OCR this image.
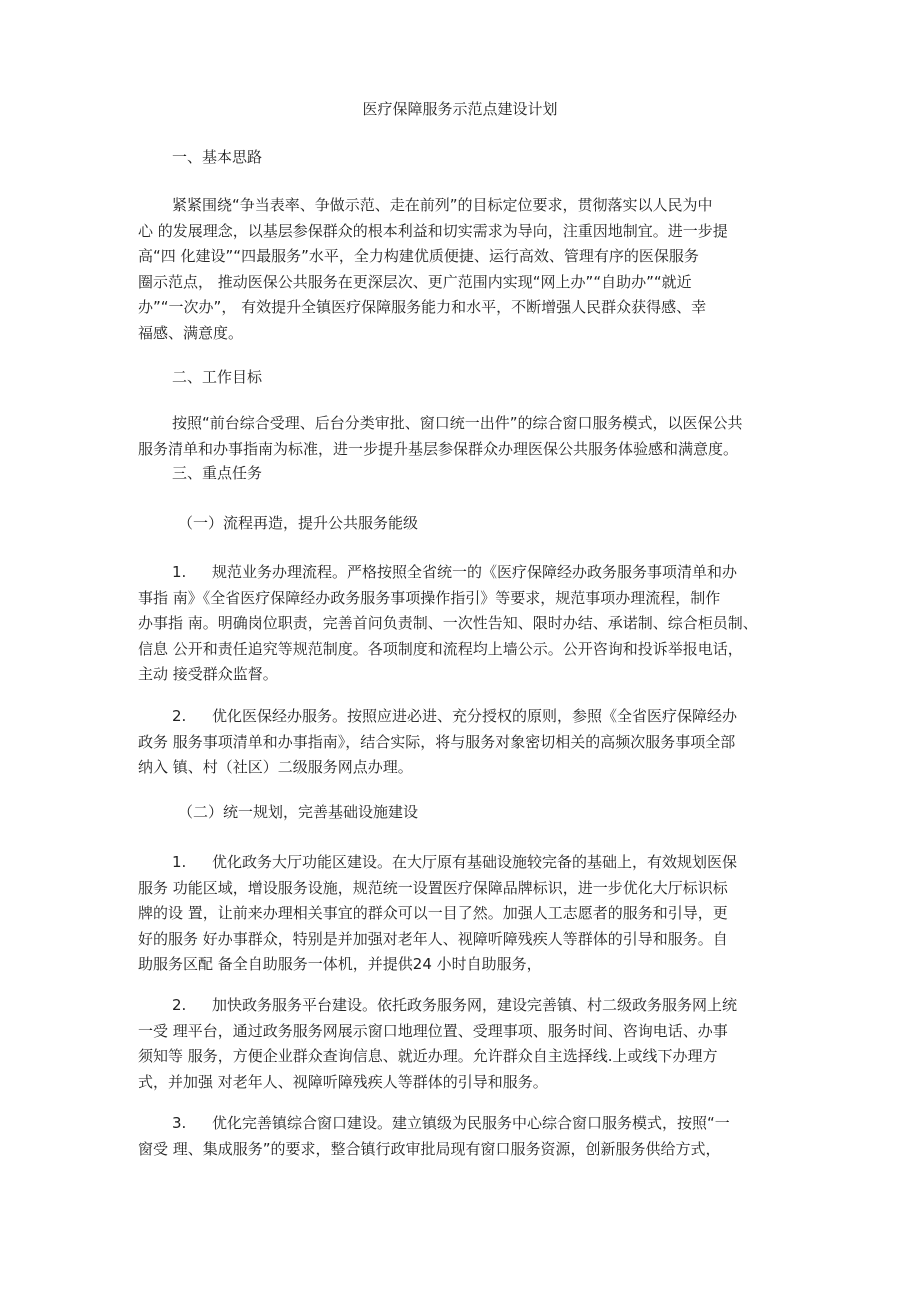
医疗保障服务示范点建设计划
一、基本思路
紧紧围绕“争当表率、争做示范、走在前列”的目标定位要求，贯彻落实以人民为中
心 的发展理念，以基层参保群众的根本利益和切实需求为导向，注重因地制宜。进一步提
高“四 化建设”“四最服务”水平，全力构建优质便捷、运行高效、管理有序的医保服务
圈示范点， 推动医保公共服务在更深层次、更广范围内实现“网上办”“自助办”“就近
办”“一次办”， 有效提升全镇医疗保障服务能力和水平，不断增强人民群众获得感、幸
福感、满意度。
二、工作目标
按照“前台综合受理、后台分类审批、窗口统一出件”的综合窗口服务模式，以医保公共
服务清单和办事指南为标准，进一步提升基层参保群众办理医保公共服务体验感和满意度。
三、重点任务
（一）流程再造，提升公共服务能级
1. 规范业务办理流程。严格按照全省统一的《医疗保障经办政务服务事项清单和办
事指 南》《全省医疗保障经办政务服务事项操作指引》等要求，规范事项办理流程，制作
办事指 南。明确岗位职责，完善首问负责制、一次性告知、限时办结、承诺制、综合柜员制、
信息 公开和责任追究等规范制度。各项制度和流程均上墙公示。公开咨询和投诉举报电话，
主动 接受群众监督。
2. 优化医保经办服务。按照应进必进、充分授权的原则，参照《全省医疗保障经办
政务 服务事项清单和办事指南》，结合实际，将与服务对象密切相关的高频次服务事项全部
纳入 镇、村（社区）二级服务网点办理。
（二）统一规划，完善基础设施建设
1. 优化政务大厅功能区建设。在大厅原有基础设施较完备的基础上，有效规划医保
服务 功能区域，增设服务设施，规范统一设置医疗保障品牌标识，进一步优化大厅标识标
牌的设 置，让前来办理相关事宜的群众可以一目了然。加强人工志愿者的服务和引导，更
好的服务 好办事群众，特别是并加强对老年人、视障听障残疾人等群体的引导和服务。自
助服务区配 备全自助服务一体机，并提供24 小时自助服务，
2. 加快政务服务平台建设。依托政务服务网，建设完善镇、村二级政务服务网上统
一受 理平台，通过政务服务网展示窗口地理位置、受理事项、服务时间、咨询电话、办事
须知等 服务，方便企业群众查询信息、就近办理。允许群众自主选择线.上或线下办理方
式，并加强 对老年人、视障听障残疾人等群体的引导和服务。
3. 优化完善镇综合窗口建设。建立镇级为民服务中心综合窗口服务模式，按照“一
窗受 理、集成服务”的要求，整合镇行政审批局现有窗口服务资源，创新服务供给方式，
